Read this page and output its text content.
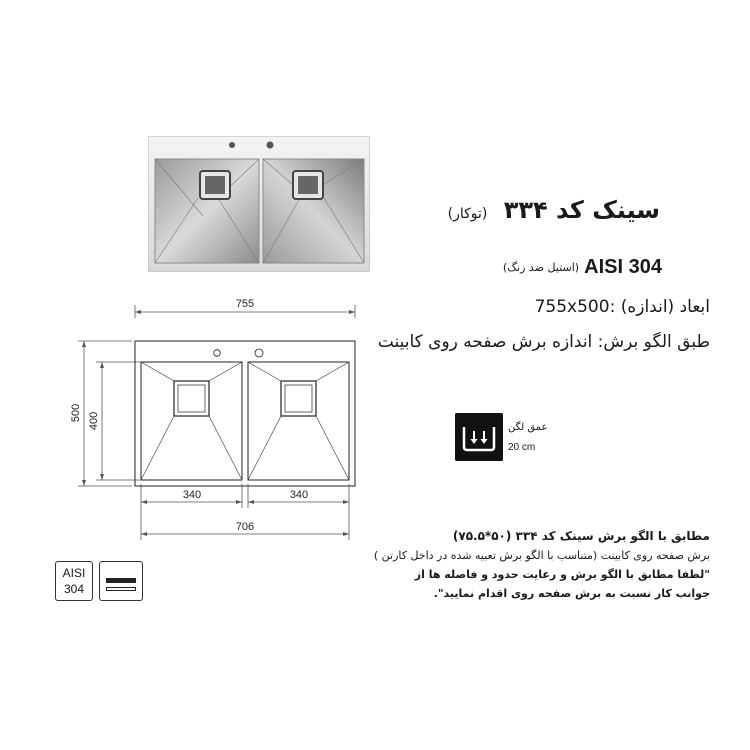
سینک کد ۳۳۴ (توکار)
(استیل ضد زنگ) AISI 304
ابعاد (اندازه) :755x500
طبق الگو برش: اندازه برش صفحه روی کابینت
755
500 400
340	340
706
عمق لگن
20 cm
مطابق با الگو برش سینک کد ۳۳۴ (۵۰*۷۵.۵)
برش صفحه روی کابینت (متناسب با الگو برش تعبیه شده در داخل کارتن )
"لطفا مطابق با الگو برش و رعایت حدود و فاصله ها از
جوانب کار نسبت به برش صفحه روی اقدام نمایید".
AISI
304
